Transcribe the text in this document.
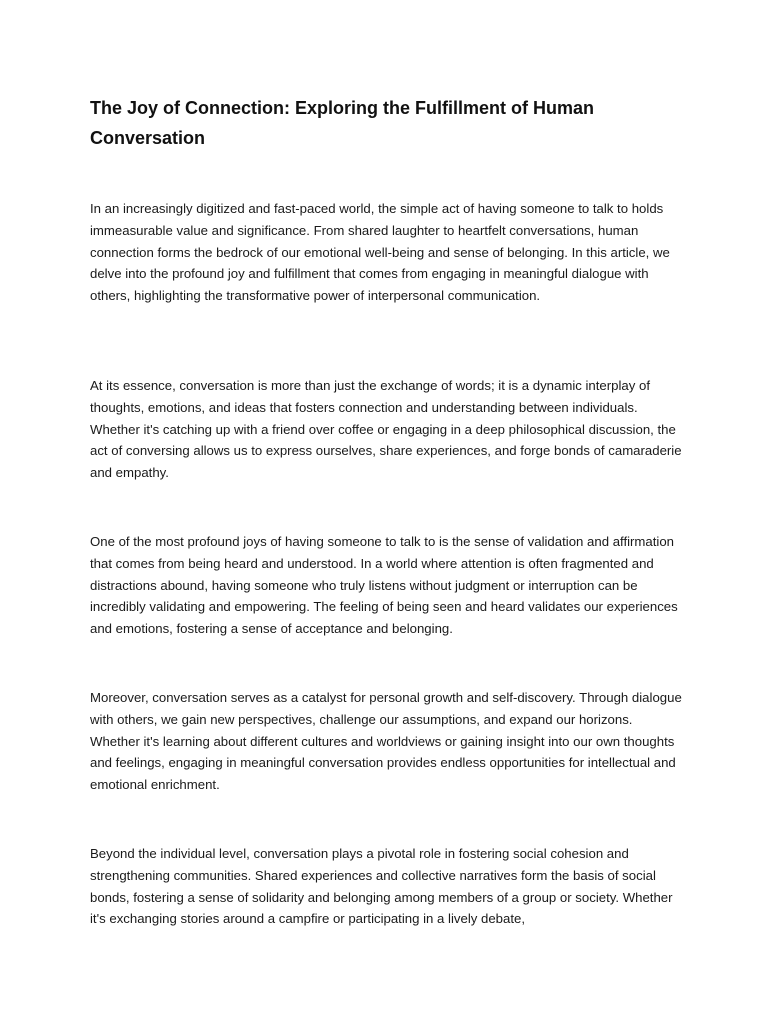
The Joy of Connection: Exploring the Fulfillment of Human Conversation

In an increasingly digitized and fast-paced world, the simple act of having someone to talk to holds immeasurable value and significance. From shared laughter to heartfelt conversations, human connection forms the bedrock of our emotional well-being and sense of belonging. In this article, we delve into the profound joy and fulfillment that comes from engaging in meaningful dialogue with others, highlighting the transformative power of interpersonal communication.

At its essence, conversation is more than just the exchange of words; it is a dynamic interplay of thoughts, emotions, and ideas that fosters connection and understanding between individuals. Whether it's catching up with a friend over coffee or engaging in a deep philosophical discussion, the act of conversing allows us to express ourselves, share experiences, and forge bonds of camaraderie and empathy.

One of the most profound joys of having someone to talk to is the sense of validation and affirmation that comes from being heard and understood. In a world where attention is often fragmented and distractions abound, having someone who truly listens without judgment or interruption can be incredibly validating and empowering. The feeling of being seen and heard validates our experiences and emotions, fostering a sense of acceptance and belonging.

Moreover, conversation serves as a catalyst for personal growth and self-discovery. Through dialogue with others, we gain new perspectives, challenge our assumptions, and expand our horizons. Whether it's learning about different cultures and worldviews or gaining insight into our own thoughts and feelings, engaging in meaningful conversation provides endless opportunities for intellectual and emotional enrichment.

Beyond the individual level, conversation plays a pivotal role in fostering social cohesion and strengthening communities. Shared experiences and collective narratives form the basis of social bonds, fostering a sense of solidarity and belonging among members of a group or society. Whether it's exchanging stories around a campfire or participating in a lively debate,
